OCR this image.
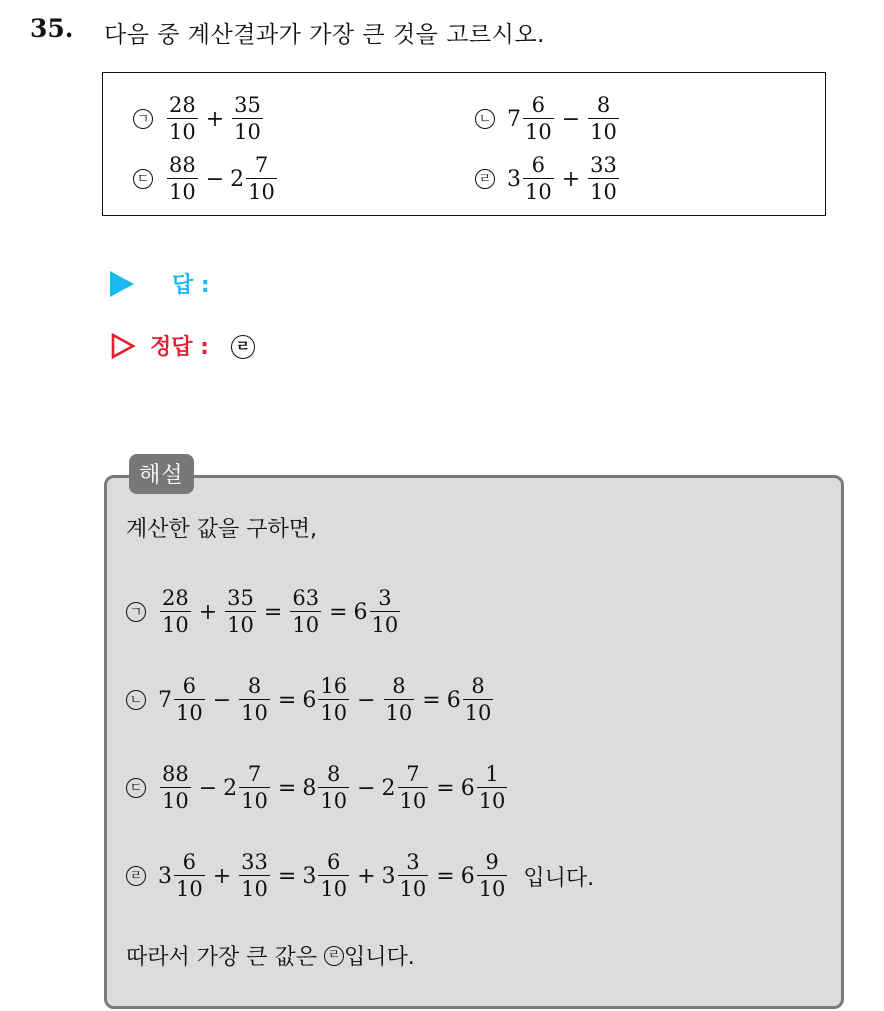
35. 다음 중 계산결과가 가장 큰 것을 고르시오.
ㄱ $\frac{28}{10} + \frac{35}{10}$	ㄴ $7 \frac{6}{10} - \frac{8}{10}$
ㄷ $\frac{88}{10} - 2 \frac{7}{10}$	ㄹ $3 \frac{6}{10} + \frac{33}{10}$
답 :
정답 :	ㄹ
해설
계산한 값을 구하면,
ㄱ $\frac{28}{10} + \frac{35}{10} = \frac{63}{10} = 6 \frac{3}{10}$
ㄴ $7 \frac{6}{10} - \frac{8}{10} = 6 \frac{16}{10} - \frac{8}{10} = 6 \frac{8}{10}$
ㄷ $\frac{88}{10} - 2 \frac{7}{10} = 8 \frac{8}{10} - 2 \frac{7}{10} = 6 \frac{1}{10}$
ㄹ $3 \frac{6}{10} + \frac{33}{10} = 3 \frac{6}{10} + 3 \frac{3}{10} = 6 \frac{9}{10}$ 입니다.
따라서 가장 큰 값은 ㄹ 입니다.
